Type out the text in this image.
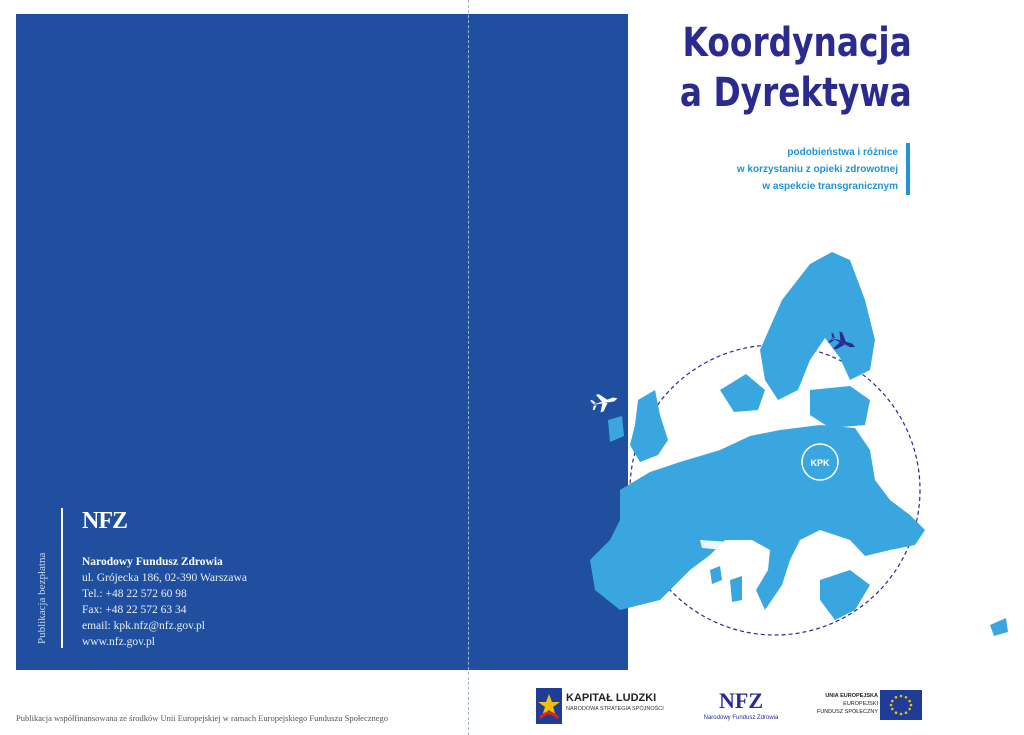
Publikacja bezpłatna
NFZ
Narodowy Fundusz Zdrowia
ul. Grójecka 186, 02-390 Warszawa
Tel.: +48 22 572 60 98
Fax: +48 22 572 63 34
email: kpk.nfz@nfz.gov.pl
www.nfz.gov.pl
Koordynacja
a Dyrektywa
podobieństwa i różnice
w korzystaniu z opieki zdrowotnej
w aspekcie transgranicznym
KPK
Publikacja współfinansowana ze środków Unii Europejskiej w ramach Europejskiego Funduszu Społecznego
KAPITAŁ LUDZKI
NARODOWA STRATEGIA SPÓJNOŚCI	NFZ
Narodowy Fundusz Zdrowia
UNIA EUROPEJSKA
EUROPEJSKI
FUNDUSZ SPOŁECZNY
